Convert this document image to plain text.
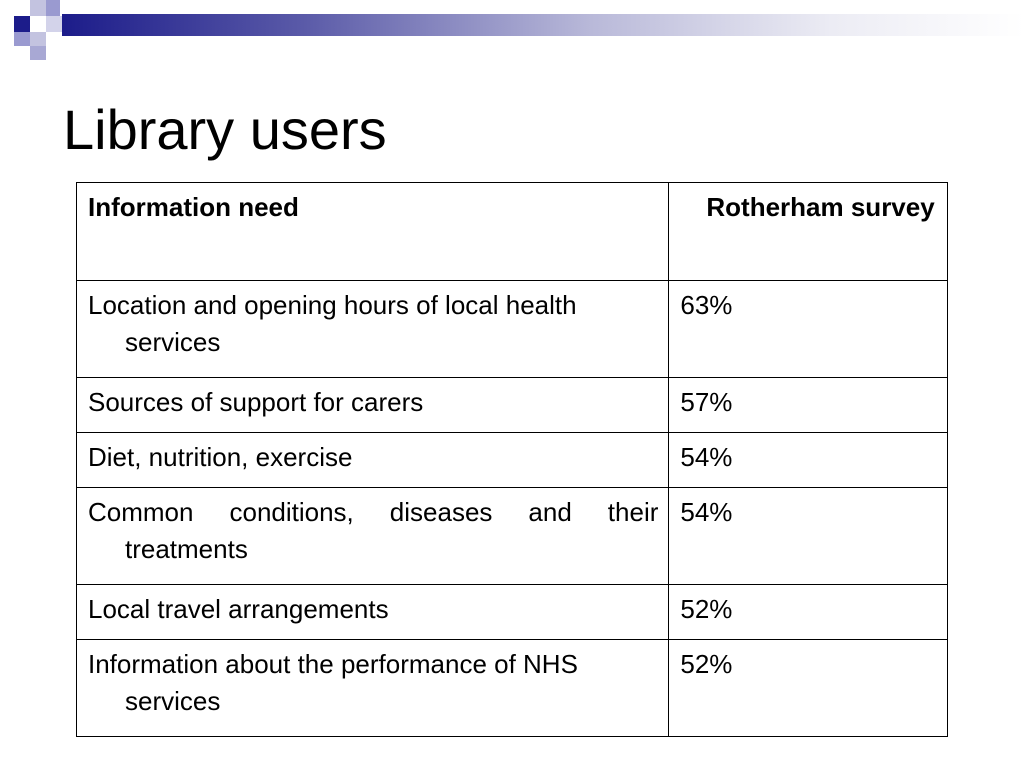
Library users
Information need	Rotherham survey

Location and opening hours of local health services	63%

Sources of support for carers	57%

Diet, nutrition, exercise	54%

Common conditions, diseases and their treatments	54%

Local travel arrangements	52%

Information about the performance of NHS services	52%
